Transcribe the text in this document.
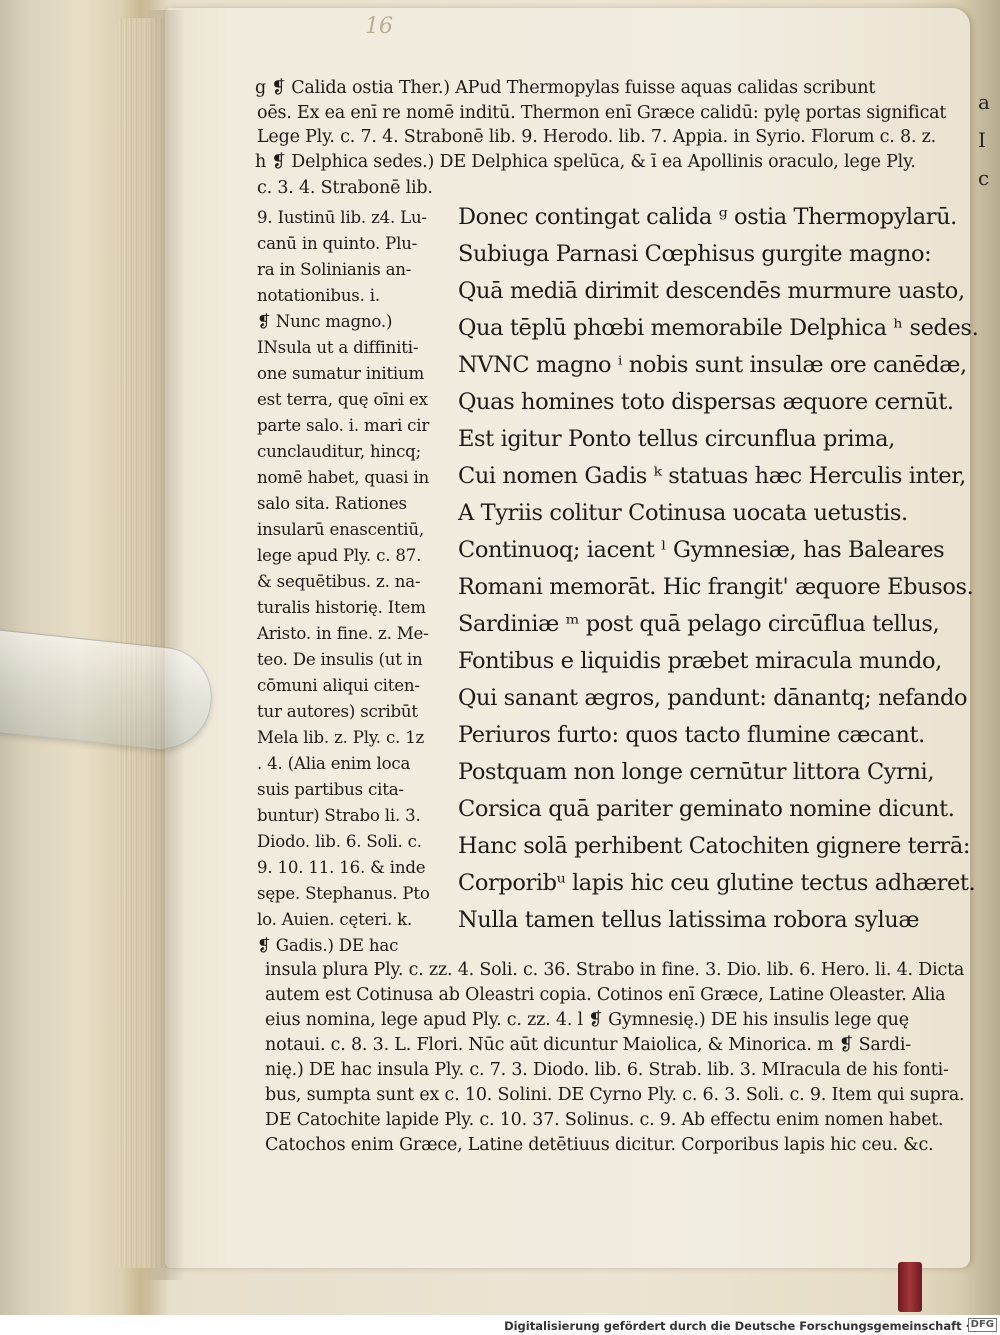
16

g ❡ Calida ostia Ther.) APud Thermopylas fuisse aquas calidas scribunt

oēs. Ex ea enī re nomē inditū. Thermon enī Græce calidū: pylę portas significat

Lege Ply. c. 7. 4. Strabonē lib. 9. Herodo. lib. 7. Appia. in Syrio. Florum c. 8. z.

h ❡ Delphica sedes.) DE Delphica spelūca, & ī ea Apollinis oraculo, lege Ply.

c. 3. 4. Strabonē lib.

9. Iustinū lib. z4. Lu-

canū in quinto. Plu-

ra in Solinianis an-

notationibus. i.

❡ Nunc magno.)

INsula ut a diffiniti-

one sumatur initium

est terra, quę oīni ex

parte salo. i. mari cir

cunclauditur, hincq;

nomē habet, quasi in

salo sita. Rationes

insularū enascentiū,

lege apud Ply. c. 87.

& sequētibus. z. na-

turalis historię. Item

Aristo. in fine. z. Me-

teo. De insulis (ut in

cōmuni aliqui citen-

tur autores) scribūt

Mela lib. z. Ply. c. 1z

. 4. (Alia enim loca

suis partibus cita-

buntur) Strabo li. 3.

Diodo. lib. 6. Soli. c.

9. 10. 11. 16. & inde

sępe. Stephanus. Pto

lo. Auien. cęteri. k.

❡ Gadis.) DE hac

Donec contingat calida ᵍ ostia Thermopylarū.

Subiuga Parnasi Cœphisus gurgite magno:

Quā mediā dirimit descendēs murmure uasto,

Qua tēplū phœbi memorabile Delphica ʰ sedes.

NVNC magno ⁱ nobis sunt insulæ ore canēdæ,

Quas homines toto dispersas æquore cernūt.

Est igitur Ponto tellus circunflua prima,

Cui nomen Gadis ᵏ statuas hæc Herculis inter,

A Tyriis colitur Cotinusa uocata uetustis.

Continuoq; iacent ˡ Gymnesiæ, has Baleares

Romani memorāt. Hic frangit' æquore Ebusos.

Sardiniæ ᵐ post quā pelago circūflua tellus,

Fontibus e liquidis præbet miracula mundo,

Qui sanant ægros, pandunt: dānantq; nefando

Periuros furto: quos tacto flumine cæcant.

Postquam non longe cernūtur littora Cyrni,

Corsica quā pariter geminato nomine dicunt.

Hanc solā perhibent Catochiten gignere terrā:

Corporibᵘ lapis hic ceu glutine tectus adhæret.

Nulla tamen tellus latissima robora syluæ

insula plura Ply. c. zz. 4. Soli. c. 36. Strabo in fine. 3. Dio. lib. 6. Hero. li. 4. Dicta

autem est Cotinusa ab Oleastri copia. Cotinos enī Græce, Latine Oleaster. Alia

eius nomina, lege apud Ply. c. zz. 4. l ❡ Gymnesię.) DE his insulis lege quę

notaui. c. 8. 3. L. Flori. Nūc aūt dicuntur Maiolica, & Minorica. m ❡ Sardi-

nię.) DE hac insula Ply. c. 7. 3. Diodo. lib. 6. Strab. lib. 3. MIracula de his fonti-

bus, sumpta sunt ex c. 10. Solini. DE Cyrno Ply. c. 6. 3. Soli. c. 9. Item qui supra.

DE Catochite lapide Ply. c. 10. 37. Solinus. c. 9. Ab effectu enim nomen habet.

Catochos enim Græce, Latine detētiuus dicitur. Corporibus lapis hic ceu. &c.

a
I
c

Digitalisierung gefördert durch die Deutsche Forschungsgemeinschaft · DFG
